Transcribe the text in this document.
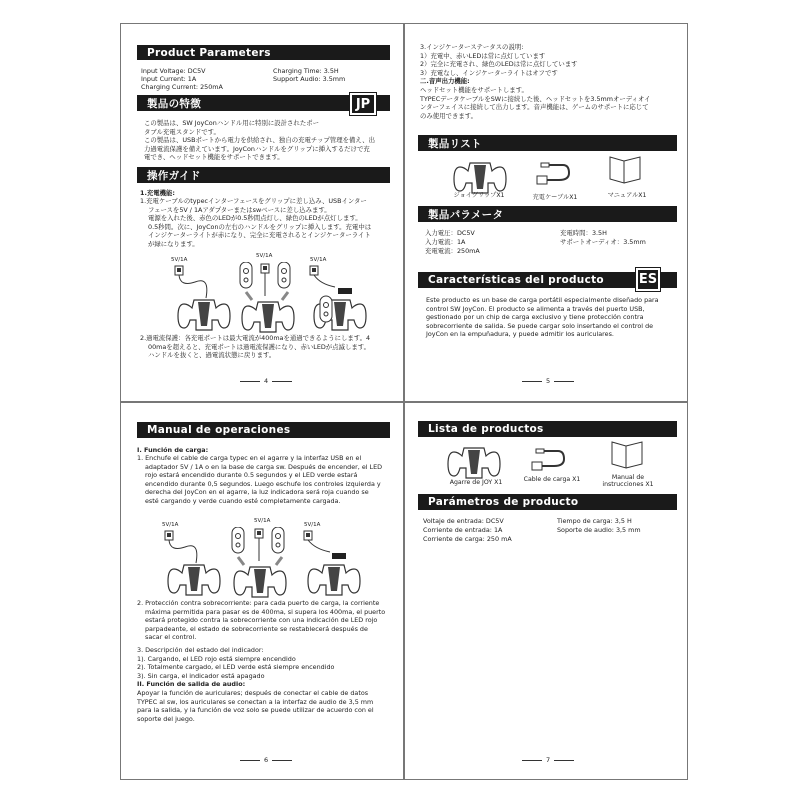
Product Parameters
Input Voltage: DC5V
Input Current: 1A
Charging Current: 250mA
Charging Time: 3.5H
Support Audio: 3.5mm
製品の特徴	JP
この製品は、SW JoyConハンドル用に特別に設計されたポー
タブル充電スタンドです。
この製品は、USBポートから電力を供給され、独自の充電チップ管理を備え、出
力過電流保護を備えています。JoyConハンドルをグリップに挿入するだけで充
電でき、ヘッドセット機能をサポートできます。
操作ガイド
1.充電機能:
1.充電ケーブルのtypecインターフェースをグリップに差し込み、USBインター
フェースを5V / 1Aアダプターまたはswベースに差し込みます。
電源を入れた後、赤色のLEDが0.5秒間点灯し、緑色のLEDが点灯します。
0.5秒間。次に、JoyConの左右のハンドルをグリップに挿入します。充電中は
インジケーターライトが赤になり、完全に充電されるとインジケーターライト
が緑になります。
5V/1A
5V/1A
5V/1A
2.過電流保護：各充電ポートは最大電流が400maを通過できるようにします。4
00maを超えると、充電ポートは過電流保護になり、赤いLEDが点滅します。
ハンドルを抜くと、過電流状態に戻ります。
4
3.インジケーターステータスの説明:
1）充電中、赤いLEDは常に点灯しています
2）完全に充電され、緑色のLEDは常に点灯しています
3）充電なし、インジケーターライトはオフです
二.音声出力機能:
ヘッドセット機能をサポートします。
TYPECデータケーブルをSWに接続した後、ヘッドセットを3.5mmオーディオイ
ンターフェイスに接続して出力します。音声機能は、ゲームのサポートに応じて
のみ使用できます。
製品リスト
ジョイグリップX1	充電ケーブルX1	マニュアルX1
製品パラメータ
入力電圧：DC5V
入力電流：1A
充電電流：250mA
充電時間：3.5H
サポートオーディオ：3.5mm
Características del producto	ES
Este producto es un base de carga portátil especialmente diseñado para
control SW JoyCon. El producto se alimenta a través del puerto USB,
gestionado por un chip de carga exclusivo y tiene protección contra
sobrecorriente de salida. Se puede cargar solo insertando el control de
JoyCon en la empuñadura, y puede admitir los auriculares.
5
Manual de operaciones
I. Función de carga:
1. Enchufe el cable de carga typec en el agarre y la interfaz USB en el
adaptador 5V / 1A o en la base de carga sw. Después de encender, el LED
rojo estará encendido durante 0.5 segundos y el LED verde estará
encendido durante 0,5 segundos. Luego eschufe los controles izquierda y
derecha del JoyCon en el agarre, la luz indicadora será roja cuando se
esté cargando y verde cuando esté completamente cargada.
5V/1A
5V/1A
5V/1A
2. Protección contra sobrecorriente: para cada puerto de carga, la corriente
máxima permitida para pasar es de 400ma, si supera los 400ma, el puerto
estará protegido contra la sobrecorriente con una indicación de LED rojo
parpadeante, el estado de sobrecorriente se restablecerá después de
sacar el control.
3. Descripción del estado del indicador:
1). Cargando, el LED rojo está siempre encendido
2). Totalmente cargado, el LED verde está siempre encendido
3). Sin carga, el indicador está apagado
II. Función de salida de audio:
Apoyar la función de auriculares; después de conectar el cable de datos
TYPEC al sw, los auriculares se conectan a la interfaz de audio de 3,5 mm
para la salida, y la función de voz solo se puede utilizar de acuerdo con el
soporte del juego.
6
Lista de productos
Agarre de JOY X1	Cable de carga X1	Manual de
instrucciones X1
Parámetros de producto
Voltaje de entrada: DC5V
Corriente de entrada: 1A
Corriente de carga: 250 mA
Tiempo de carga: 3,5 H
Soporte de audio: 3,5 mm
7
